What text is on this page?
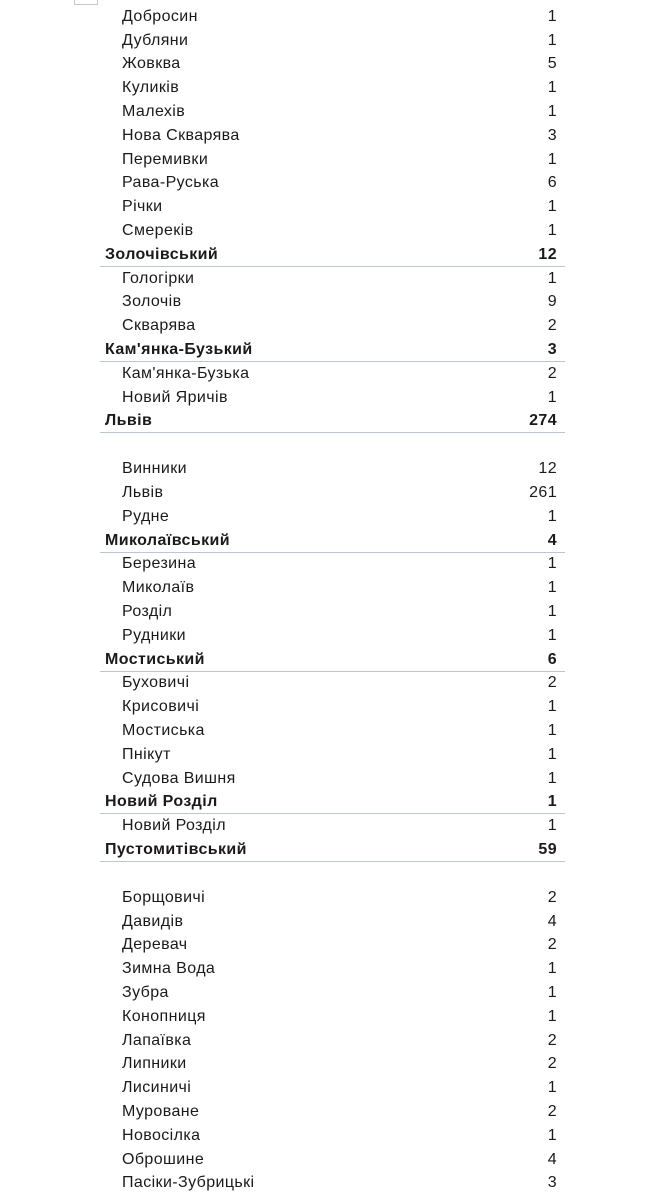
Добросин	1
Дубляни	1
Жовква	5
Куликів	1
Малехів	1
Нова Скварява	3
Перемивки	1
Рава-Руська	6
Річки	1
Смереків	1
Золочівський	12
Гологірки	1
Золочів	9
Скварява	2
Кам'янка-Бузький	3
Кам'янка-Бузька	2
Новий Яричів	1
Львів	274
Винники	12
Львів	261
Рудне	1
Миколаївський	4
Березина	1
Миколаїв	1
Розділ	1
Рудники	1
Мостиський	6
Буховичі	2
Крисовичі	1
Мостиська	1
Пнікут	1
Судова Вишня	1
Новий Розділ	1
Новий Розділ	1
Пустомитівський	59
Борщовичі	2
Давидів	4
Деревач	2
Зимна Вода	1
Зубра	1
Конопниця	1
Лапаївка	2
Липники	2
Лисиничі	1
Муроване	2
Новосілка	1
Оброшине	4
Пасіки-Зубрицькі	3
